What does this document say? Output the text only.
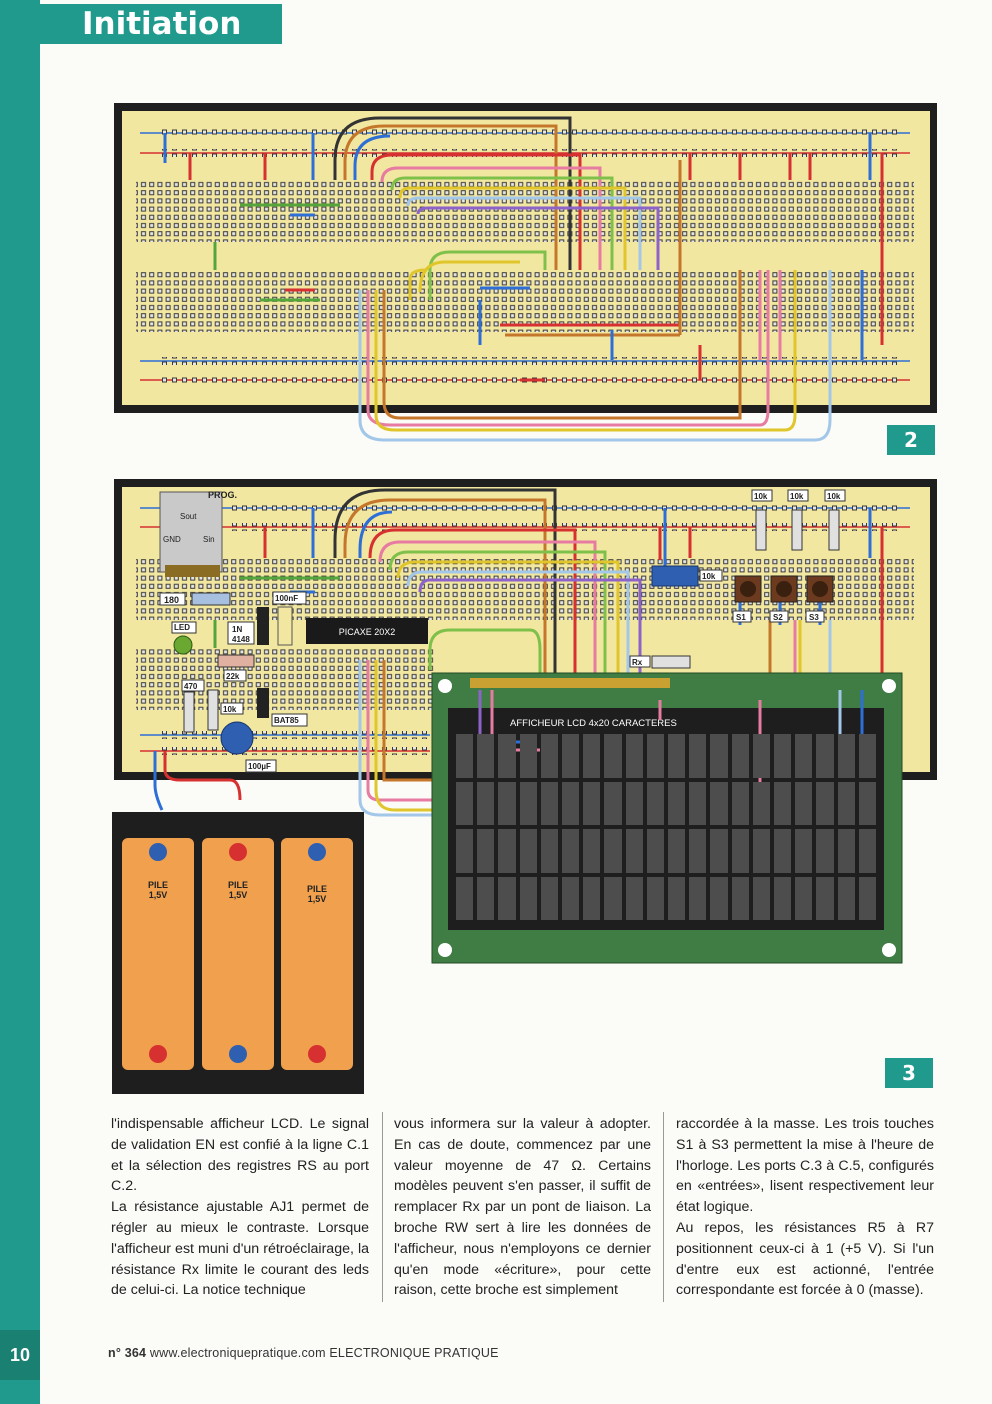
Initiation
2
PROG.
Sout
GND	Sin
180	100nF
LED	1N 4148
22k
470
10k
BAT85
100µF
PICAXE 20X2
10k	10k	10k
10k
S1	S2	S3
Rx
AFFICHEUR LCD 4x20 CARACTERES
PILE 1,5V
PILE 1,5V
PILE 1,5V
3

l'indispensable afficheur LCD. Le signal de validation EN est confié à la ligne C.1 et la sélection des registres RS au port C.2.

La résistance ajustable AJ1 permet de régler au mieux le contraste. Lorsque l'afficheur est muni d'un rétroéclairage, la résistance Rx limite le courant des leds de celui-ci. La notice technique

vous informera sur la valeur à adopter. En cas de doute, commencez par une valeur moyenne de 47 Ω. Certains modèles peuvent s'en passer, il suffit de remplacer Rx par un pont de liaison. La broche RW sert à lire les données de l'afficheur, nous n'employons ce dernier qu'en mode «écriture», pour cette raison, cette broche est simplement

raccordée à la masse. Les trois touches S1 à S3 permettent la mise à l'heure de l'horloge. Les ports C.3 à C.5, configurés en «entrées», lisent respectivement leur état logique.

Au repos, les résistances R5 à R7 positionnent ceux-ci à 1 (+5 V). Si l'un d'entre eux est actionné, l'entrée correspondante est forcée à 0 (masse).

10	n° 364 www.electroniquepratique.com ELECTRONIQUE PRATIQUE
